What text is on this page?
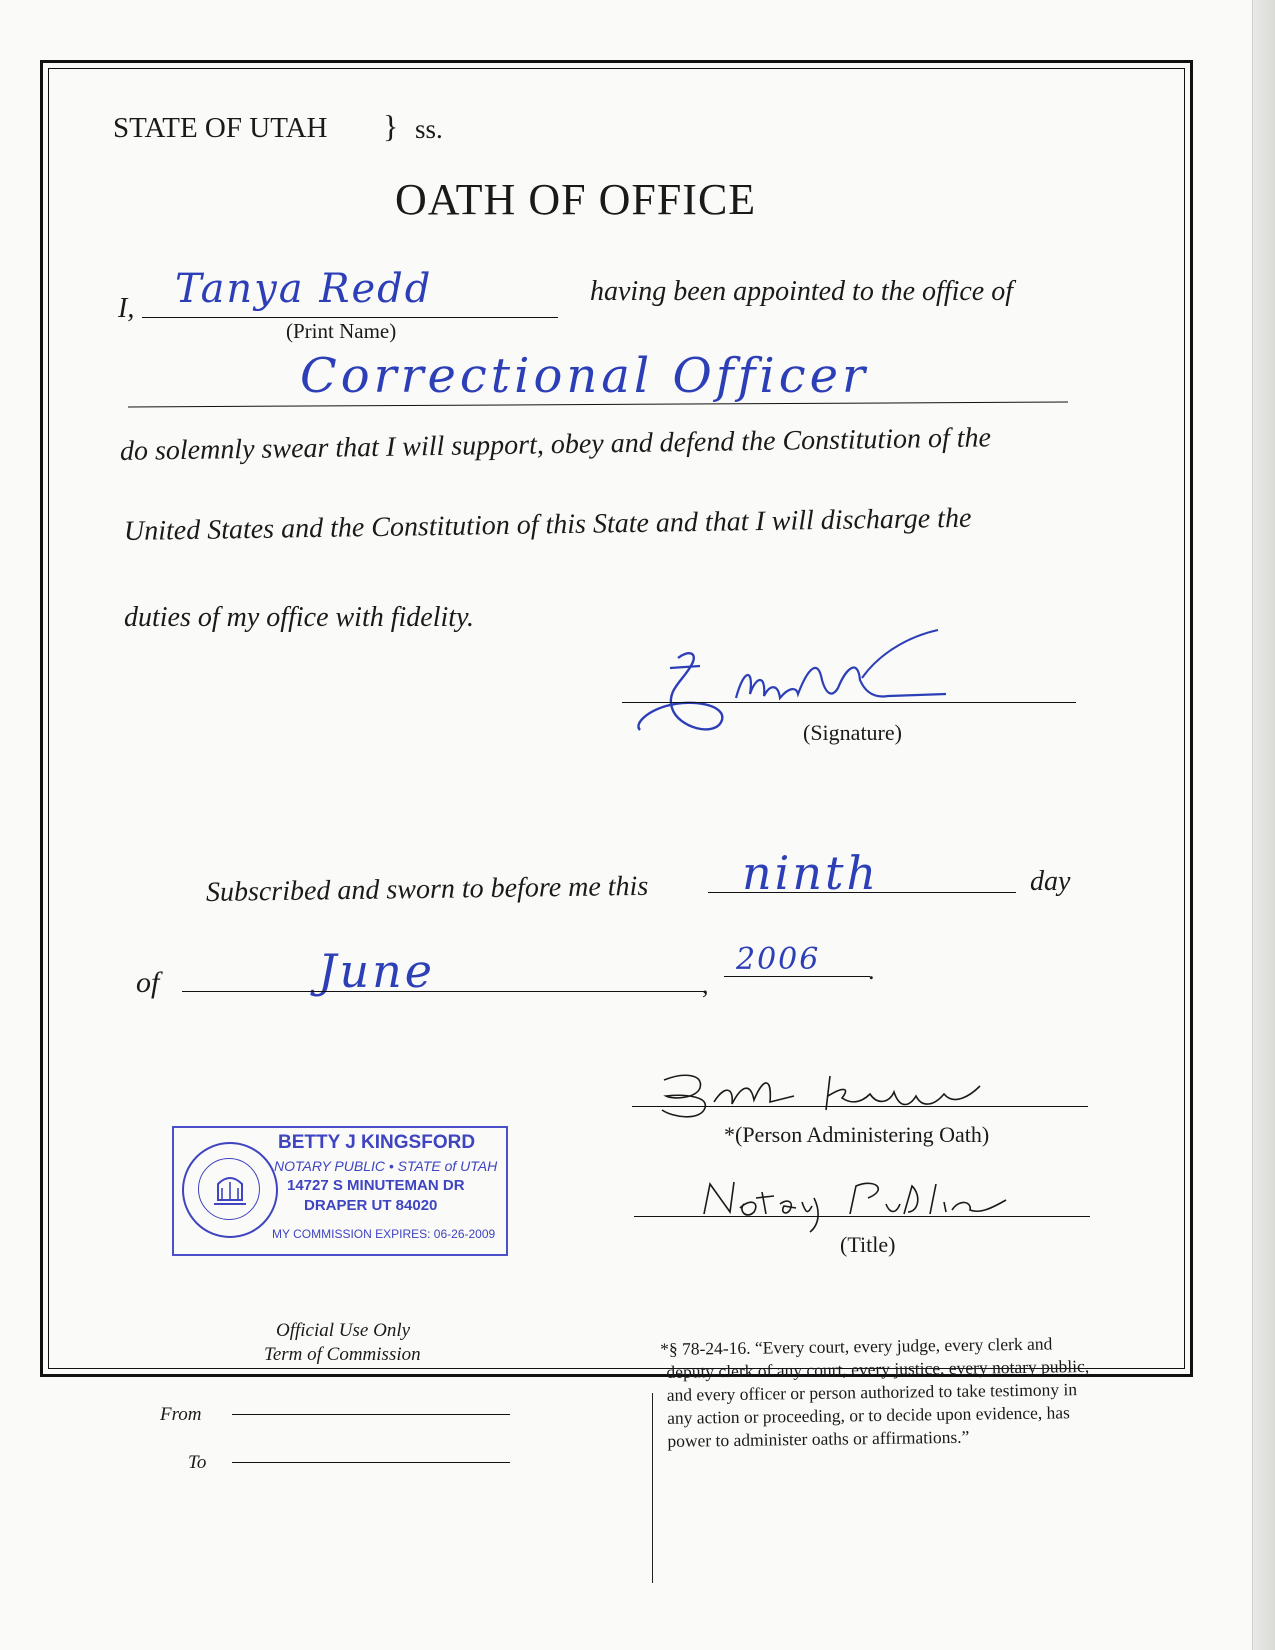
STATE OF UTAH } ss.
OATH OF OFFICE
I, Tanya Redd
(Print Name)
having been appointed to the office of
Correctional Officer
do solemnly swear that I will support, obey and defend the Constitution of the
United States and the Constitution of this State and that I will discharge the
duties of my office with fidelity.
(Signature)
Subscribed and sworn to before me this ninth	day
of	June	,
2006 .
BETTY J KINGSFORD
NOTARY PUBLIC • STATE of UTAH
14727 S MINUTEMAN DR
DRAPER UT 84020
MY COMMISSION EXPIRES: 06-26-2009
*(Person Administering Oath)
(Title)
Official Use Only
Term of Commission
From
To
*§ 78-24-16. “Every court, every judge, every clerk and
deputy clerk of any court, every justice, every notary public,
and every officer or person authorized to take testimony in
any action or proceeding, or to decide upon evidence, has
power to administer oaths or affirmations.”
